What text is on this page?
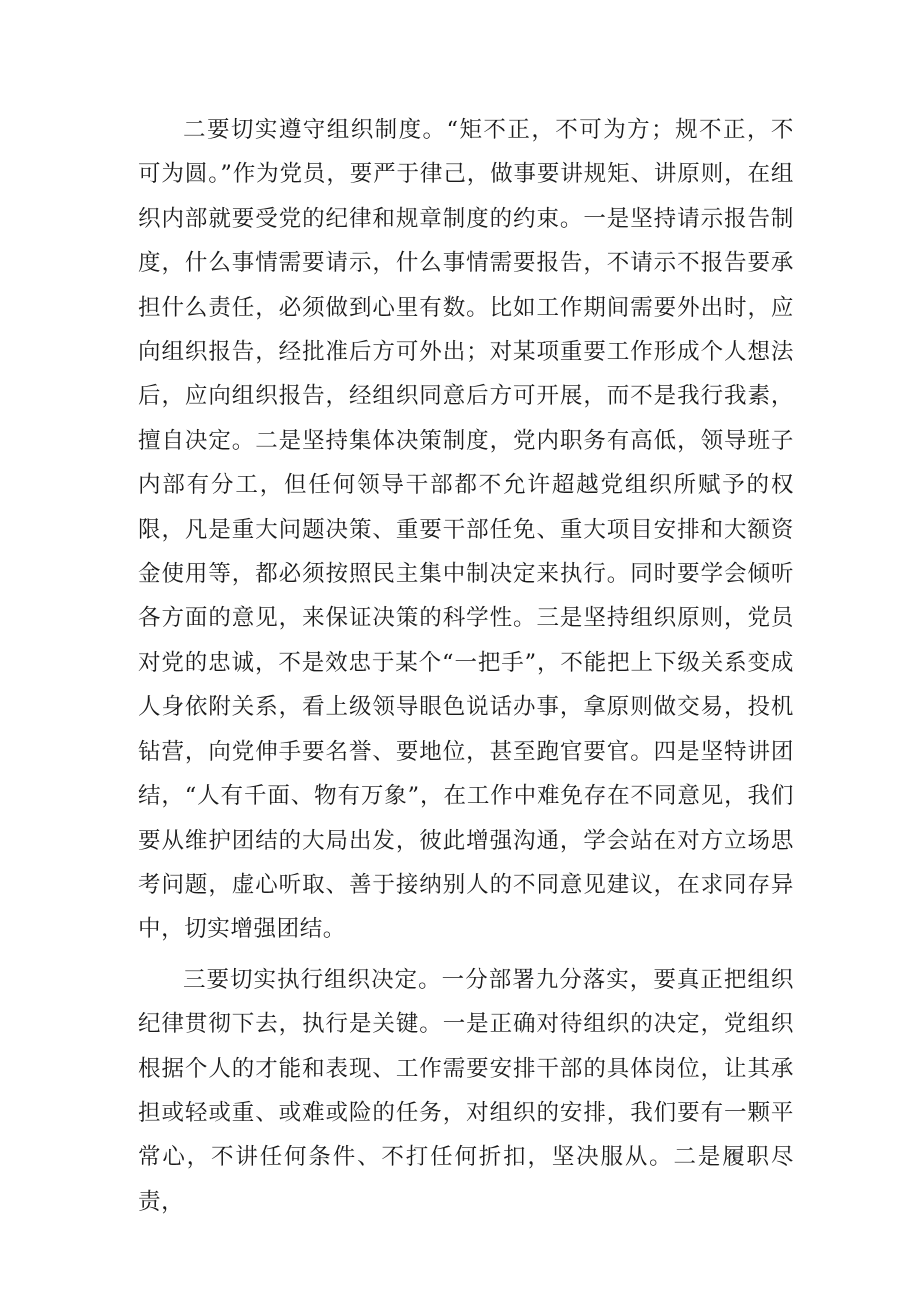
二要切实遵守组织制度。“矩不正，不可为方；规不正，不可为圆。”作为党员，要严于律己，做事要讲规矩、讲原则，在组织内部就要受党的纪律和规章制度的约束。一是坚持请示报告制度，什么事情需要请示，什么事情需要报告，不请示不报告要承担什么责任，必须做到心里有数。比如工作期间需要外出时，应向组织报告，经批准后方可外出；对某项重要工作形成个人想法后，应向组织报告，经组织同意后方可开展，而不是我行我素，擅自决定。二是坚持集体决策制度，党内职务有高低，领导班子内部有分工，但任何领导干部都不允许超越党组织所赋予的权限，凡是重大问题决策、重要干部任免、重大项目安排和大额资金使用等，都必须按照民主集中制决定来执行。同时要学会倾听各方面的意见，来保证决策的科学性。三是坚持组织原则，党员对党的忠诚，不是效忠于某个“一把手”，不能把上下级关系变成人身依附关系，看上级领导眼色说话办事，拿原则做交易，投机钻营，向党伸手要名誉、要地位，甚至跑官要官。四是坚特讲团结，“人有千面、物有万象”，在工作中难免存在不同意见，我们要从维护团结的大局出发，彼此增强沟通，学会站在对方立场思考问题，虚心听取、善于接纳别人的不同意见建议，在求同存异中，切实增强团结。

三要切实执行组织决定。一分部署九分落实，要真正把组织纪律贯彻下去，执行是关键。一是正确对待组织的决定，党组织根据个人的才能和表现、工作需要安排干部的具体岗位，让其承担或轻或重、或难或险的任务，对组织的安排，我们要有一颗平常心，不讲任何条件、不打任何折扣，坚决服从。二是履职尽责，
